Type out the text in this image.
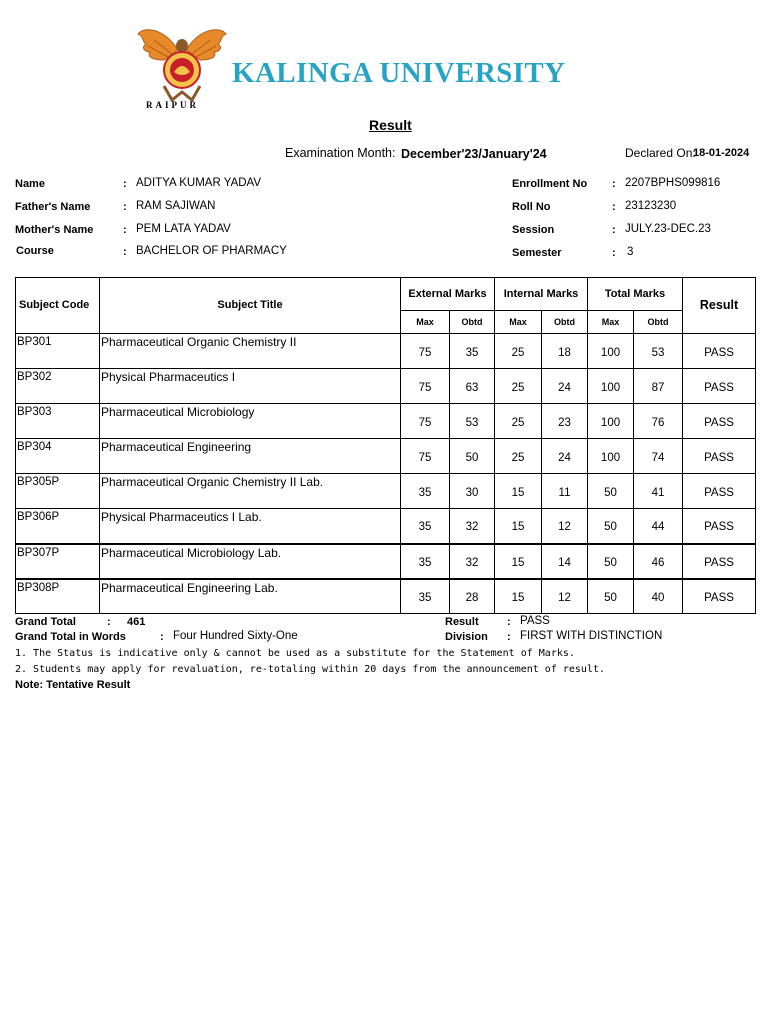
RAIPUR
KALINGA UNIVERSITY
Result
Examination Month: December'23/January'24	Declared On:
18-01-2024
Name	: ADITYA KUMAR YADAV
Father's Name	: RAM SAJIWAN
Mother's Name	: PEM LATA YADAV
Course	: BACHELOR OF PHARMACY
Enrollment No : 2207BPHS099816
Roll No	: 23123230
Session	: JULY.23-DEC.23
Semester	: 3
Subject Code	Subject Title	External Marks		Internal Marks		Total Marks		Result
		Max	Obtd	Max	Obtd	Max	Obtd	
BP301	Pharmaceutical Organic Chemistry II	75	35	25	18	100	53	PASS
BP302	Physical Pharmaceutics I	75	63	25	24	100	87	PASS
BP303	Pharmaceutical Microbiology	75	53	25	23	100	76	PASS
BP304	Pharmaceutical Engineering	75	50	25	24	100	74	PASS
BP305P	Pharmaceutical Organic Chemistry II Lab.	35	30	15	11	50	41	PASS
BP306P	Physical Pharmaceutics I Lab.	35	32	15	12	50	44	PASS
BP307P	Pharmaceutical Microbiology Lab.	35	32	15	14	50	46	PASS
BP308P	Pharmaceutical Engineering Lab.	35	28	15	12	50	40	PASS
Grand Total	: 461	Result	: PASS
Grand Total in Words	: Four Hundred Sixty-One	Division : FIRST WITH DISTINCTION
1. The Status is indicative only & cannot be used as a substitute for the Statement of Marks.
2. Students may apply for revaluation, re-totaling within 20 days from the announcement of result.
Note: Tentative Result
